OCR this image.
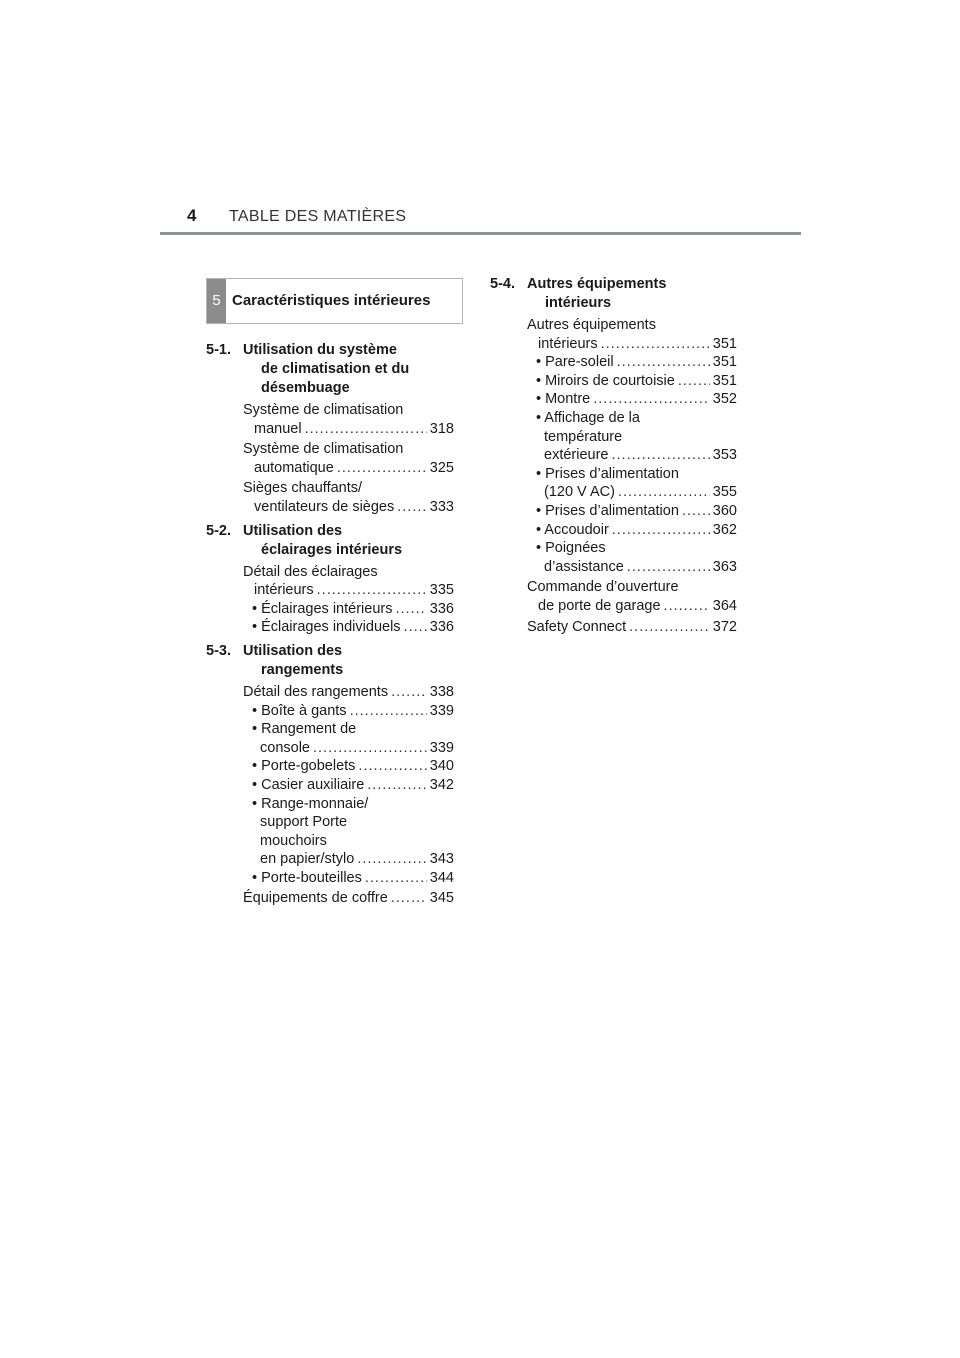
4 TABLE DES MATIÈRES
5 Caractéristiques intérieures
5-1. Utilisation du système
de climatisation et du
désembuage
Système de climatisation
manuel .....	318
Système de climatisation
automatique .....	325
Sièges chauffants/
ventilateurs de sièges ..... 333
5-2. Utilisation des
éclairages intérieurs
Détail des éclairages
intérieurs .....	335
• Éclairages intérieurs .....	336
• Éclairages individuels ..... 336
5-3. Utilisation des
rangements
Détail des rangements .....	338
• Boîte à gants .....	339
• Rangement de
console .....	339
• Porte-gobelets .....	340
• Casier auxiliaire .....	342
• Range-monnaie/
support Porte
mouchoirs
en papier/stylo .....	343
• Porte-bouteilles .....	344
Équipements de coffre .....	345
5-4. Autres équipements
intérieurs
Autres équipements
intérieurs .....	351
• Pare-soleil .....	351
• Miroirs de courtoisie .....	351
• Montre .....	352
• Affichage de la
température
extérieure .....	353
• Prises d’alimentation
(120 V AC) .....	355
• Prises d’alimentation ..... 360
• Accoudoir .....	362
• Poignées
d’assistance .....	363
Commande d’ouverture
de porte de garage .....	364
Safety Connect .....	372
